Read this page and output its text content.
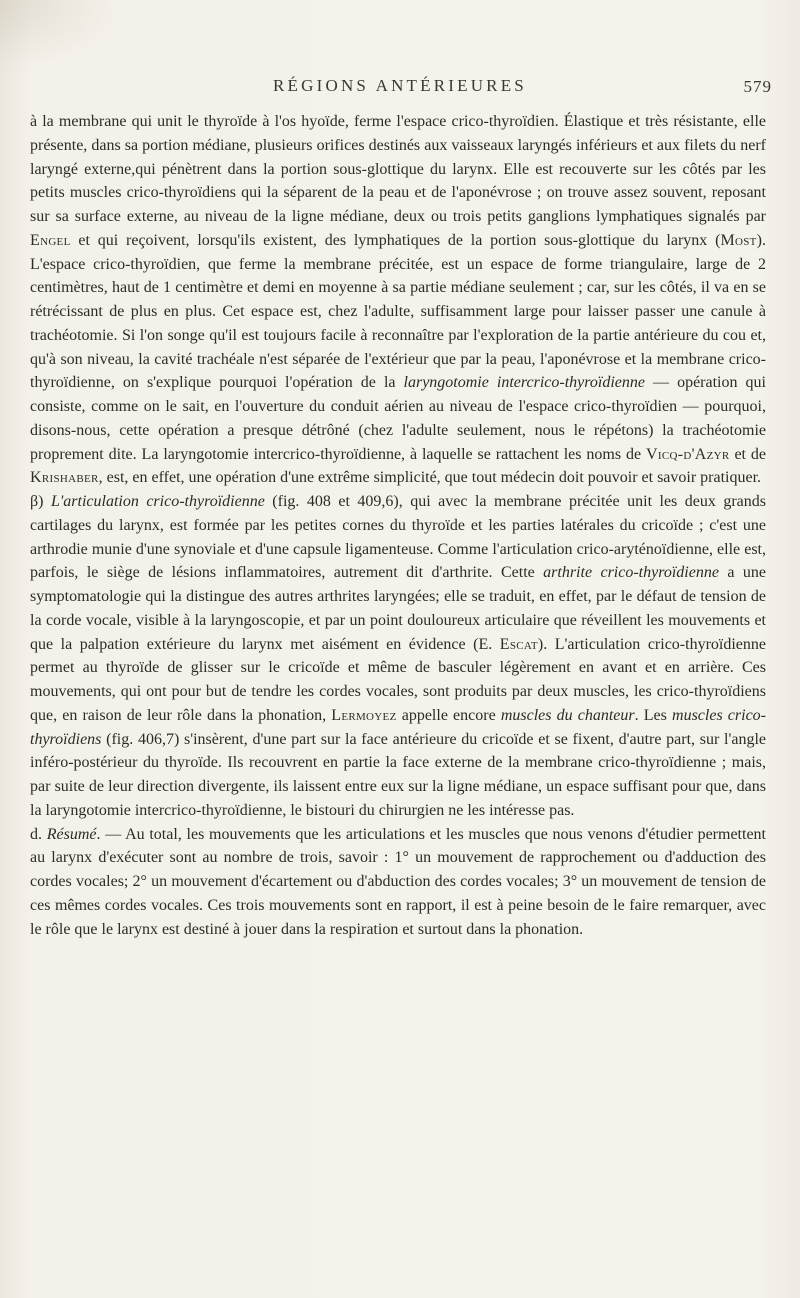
RÉGIONS ANTÉRIEURES	579

à la membrane qui unit le thyroïde à l'os hyoïde, ferme l'espace crico-thyroïdien. Élastique et très résistante, elle présente, dans sa portion médiane, plusieurs orifices destinés aux vaisseaux laryngés inférieurs et aux filets du nerf laryngé externe,qui pénètrent dans la portion sous-glottique du larynx. Elle est recouverte sur les côtés par les petits muscles crico-thyroïdiens qui la séparent de la peau et de l'aponévrose ; on trouve assez souvent, reposant sur sa surface externe, au niveau de la ligne médiane, deux ou trois petits ganglions lymphatiques signalés par Engel et qui reçoivent, lorsqu'ils existent, des lymphatiques de la portion sous-glottique du larynx (Most). L'espace crico-thyroïdien, que ferme la membrane précitée, est un espace de forme triangulaire, large de 2 centimètres, haut de 1 centimètre et demi en moyenne à sa partie médiane seulement ; car, sur les côtés, il va en se rétrécissant de plus en plus. Cet espace est, chez l'adulte, suffisamment large pour laisser passer une canule à trachéotomie. Si l'on songe qu'il est toujours facile à reconnaître par l'exploration de la partie antérieure du cou et, qu'à son niveau, la cavité trachéale n'est séparée de l'extérieur que par la peau, l'aponévrose et la membrane crico-thyroïdienne, on s'explique pourquoi l'opération de la laryngotomie intercrico-thyroïdienne — opération qui consiste, comme on le sait, en l'ouverture du conduit aérien au niveau de l'espace crico-thyroïdien — pourquoi, disons-nous, cette opération a presque détrôné (chez l'adulte seulement, nous le répétons) la trachéotomie proprement dite. La laryngotomie intercrico-thyroïdienne, à laquelle se rattachent les noms de Vicq-d'Azyr et de Krishaber, est, en effet, une opération d'une extrême simplicité, que tout médecin doit pouvoir et savoir pratiquer.

β) L'articulation crico-thyroïdienne (fig. 408 et 409,6), qui avec la membrane précitée unit les deux grands cartilages du larynx, est formée par les petites cornes du thyroïde et les parties latérales du cricoïde ; c'est une arthrodie munie d'une synoviale et d'une capsule ligamenteuse. Comme l'articulation crico-aryténoïdienne, elle est, parfois, le siège de lésions inflammatoires, autrement dit d'arthrite. Cette arthrite crico-thyroïdienne a une symptomatologie qui la distingue des autres arthrites laryngées; elle se traduit, en effet, par le défaut de tension de la corde vocale, visible à la laryngoscopie, et par un point douloureux articulaire que réveillent les mouvements et que la palpation extérieure du larynx met aisément en évidence (E. Escat). L'articulation crico-thyroïdienne permet au thyroïde de glisser sur le cricoïde et même de basculer légèrement en avant et en arrière. Ces mouvements, qui ont pour but de tendre les cordes vocales, sont produits par deux muscles, les crico-thyroïdiens que, en raison de leur rôle dans la phonation, Lermoyez appelle encore muscles du chanteur. Les muscles crico-thyroïdiens (fig. 406,7) s'insèrent, d'une part sur la face antérieure du cricoïde et se fixent, d'autre part, sur l'angle inféro-postérieur du thyroïde. Ils recouvrent en partie la face externe de la membrane crico-thyroïdienne ; mais, par suite de leur direction divergente, ils laissent entre eux sur la ligne médiane, un espace suffisant pour que, dans la laryngotomie intercrico-thyroïdienne, le bistouri du chirurgien ne les intéresse pas.

d. Résumé. — Au total, les mouvements que les articulations et les muscles que nous venons d'étudier permettent au larynx d'exécuter sont au nombre de trois, savoir : 1° un mouvement de rapprochement ou d'adduction des cordes vocales; 2° un mouvement d'écartement ou d'abduction des cordes vocales; 3° un mouvement de tension de ces mêmes cordes vocales. Ces trois mouvements sont en rapport, il est à peine besoin de le faire remarquer, avec le rôle que le larynx est destiné à jouer dans la respiration et surtout dans la phonation.
